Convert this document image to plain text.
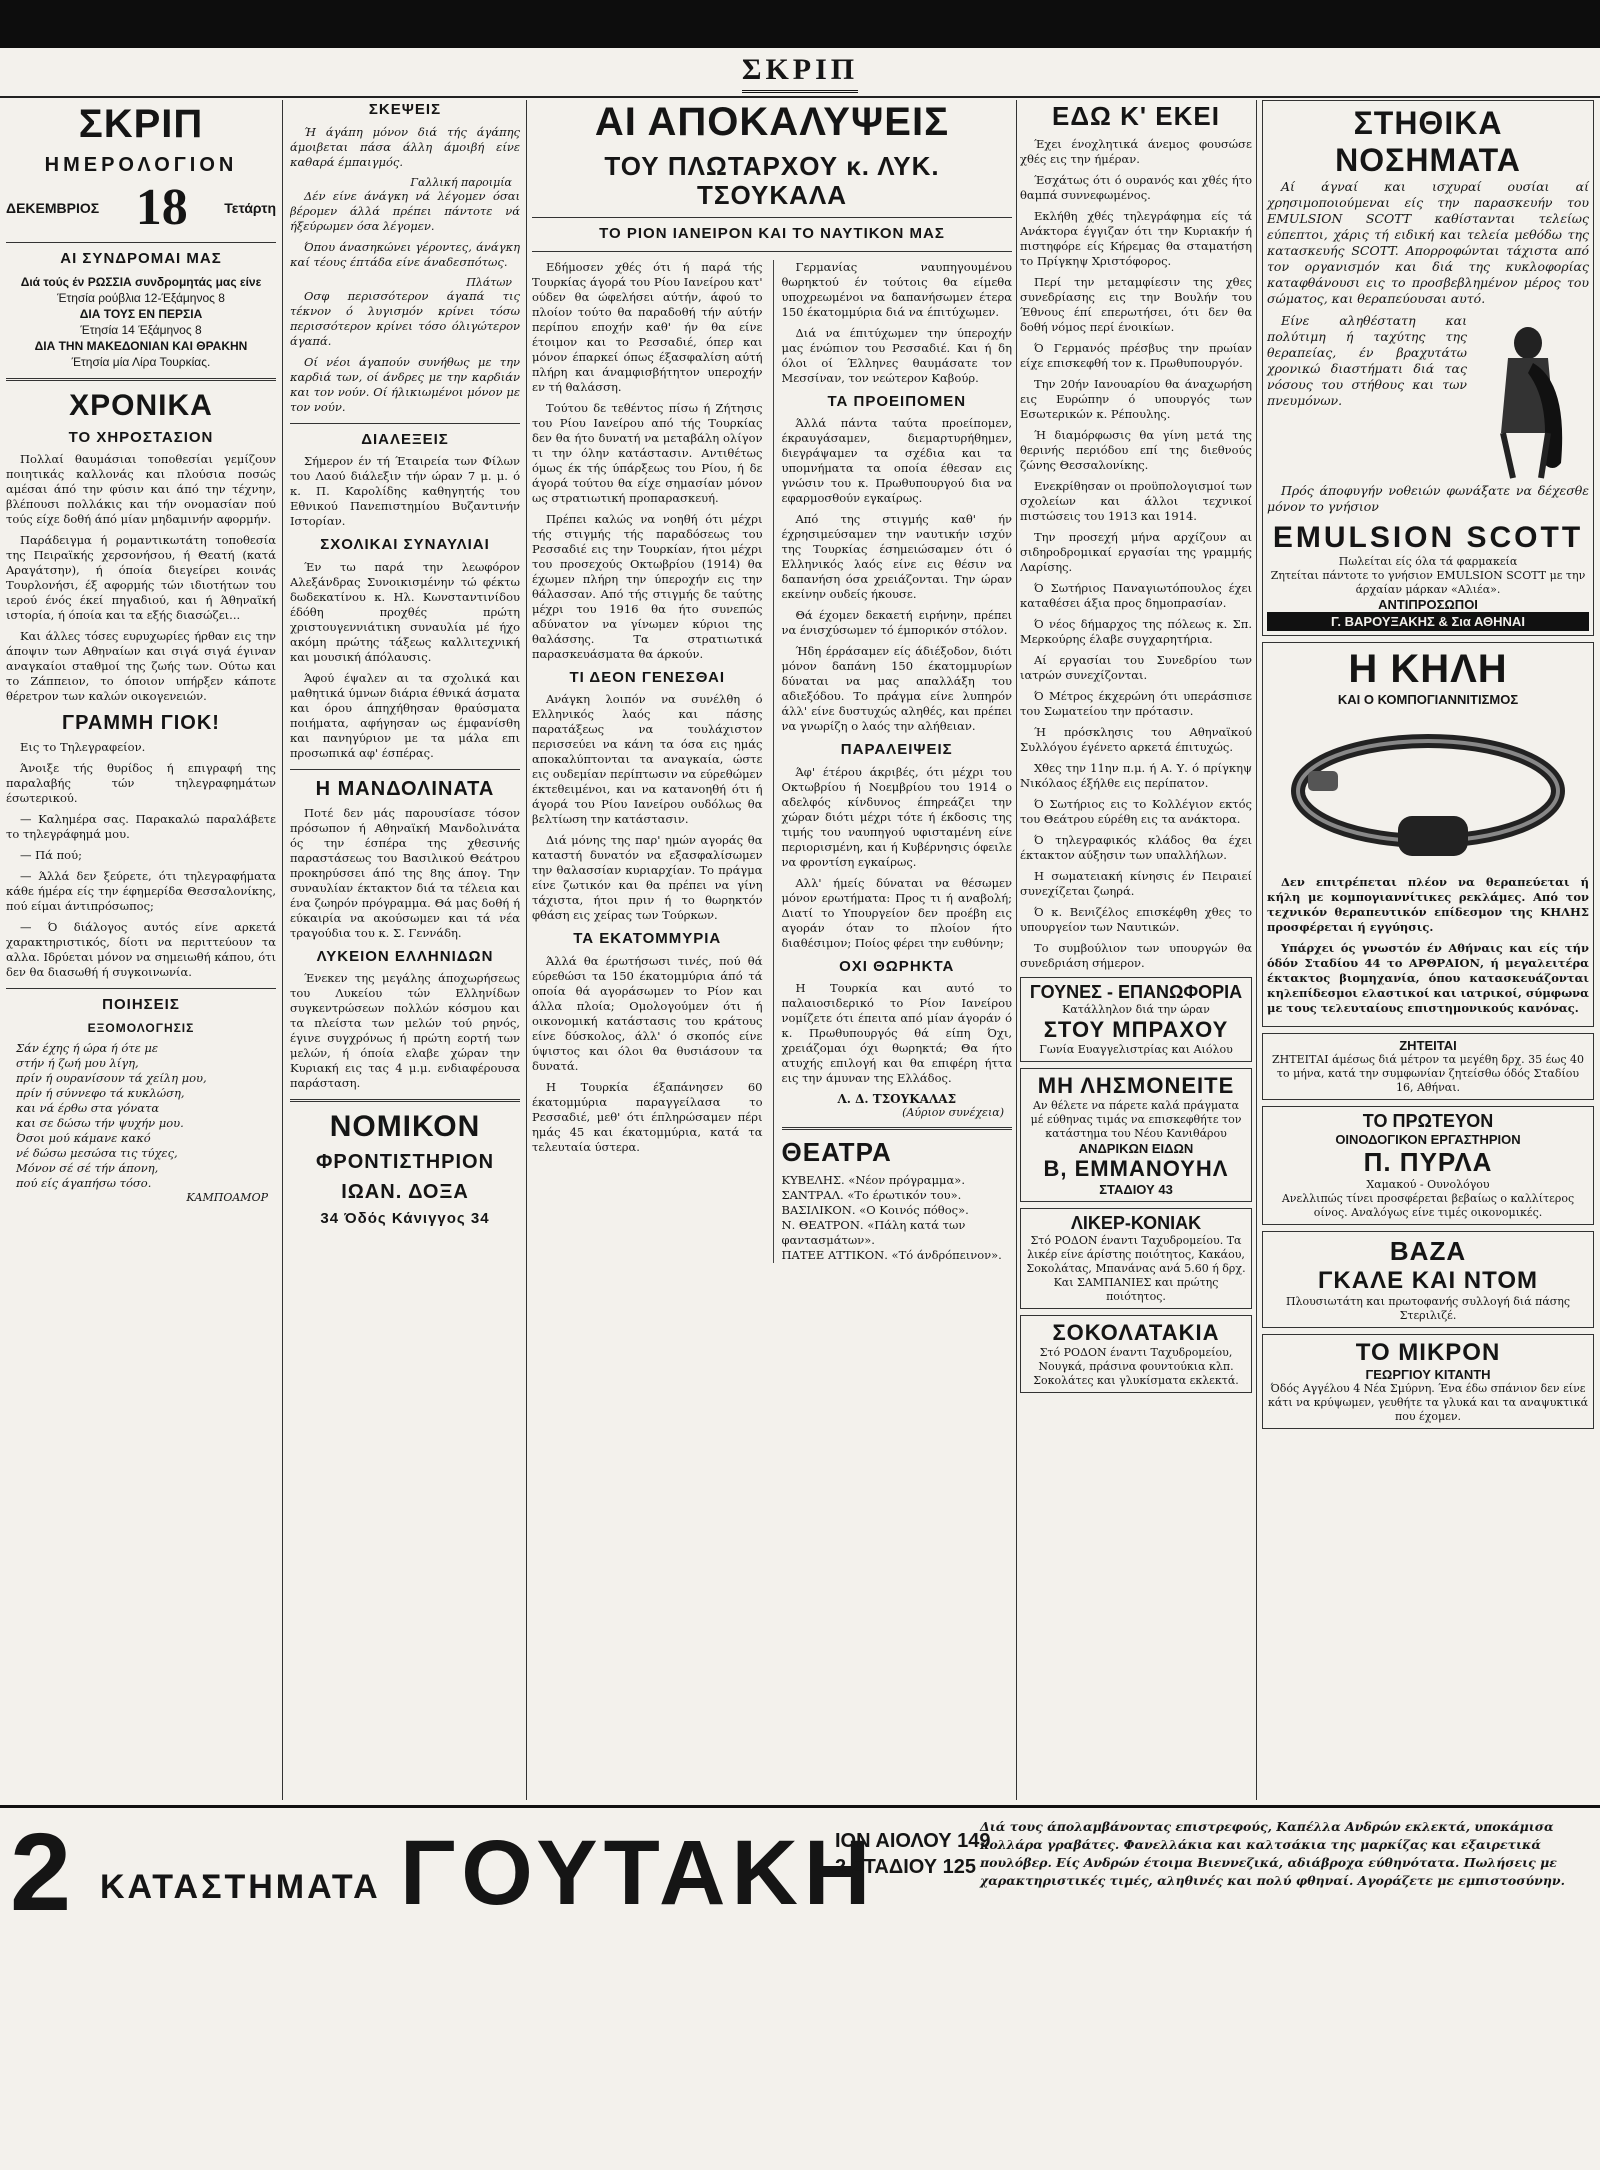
ΣΚΡΙΠ
ΣΚΡΙΠ
ΗΜΕΡΟΛΟΓΙΟΝ
ΔΕΚΕΜΒΡΙΟΣ 18	Τετάρτη
ΑΙ ΣΥΝΔΡΟΜΑΙ ΜΑΣ
Διά τούς έν ΡΩΣΣΙΑ συνδρομητάς μας είνε
Έτησία ρούβλια 12-Έξάμηνος 8
ΔΙΑ ΤΟΥΣ ΕΝ ΠΕΡΣΙΑ
Έτησία 14 Έξάμηνος 8
ΔΙΑ ΤΗΝ ΜΑΚΕΔΟΝΙΑΝ ΚΑΙ ΘΡΑΚΗΝ
Έτησία μία Λίρα Τουρκίας.
ΧΡΟΝΙΚΑ
ΤΟ ΧΗΡΟΣΤΑΣΙΟΝ

Πολλαί θαυμάσιαι τοποθεσίαι γεμίζουν ποιητικάς καλλονάς και πλούσια ποσώς αμέσαι άπό την φύσιν και άπό την τέχνην, βλέπουσι πολλάκις και τήν ονομασίαν πού τούς είχε δοθή άπό μίαν μηδαμινήν αφορμήν.

Παράδειγμα ή ρομαντικωτάτη τοποθεσία της Πειραϊκής χερσονήσου, ή Θεατή (κατά Αραγάτσην), ή όποία διεγείρει κοινάς Τουρλονήσι, έξ αφορμής τών ιδιοτήτων του ιερού ένός έκεί πηγαδιού, και ή Άθηναϊκή ιστορία, ή όποία και τα εξής διασώζει...

Και άλλες τόσες ευρυχωρίες ήρθαν εις την άποψιν των Αθηναίων και σιγά σιγά έγιναν αναγκαίοι σταθμοί της ζωής των. Ούτω και το Ζάππειον, το όποιον υπήρξεν κάποτε θέρετρον των καλών οικογενειών.

ΓΡΑΜΜΗ ΓΙΟΚ!

Εις το Τηλεγραφείον.

Άνοιξε τής θυρίδος ή επιγραφή της παραλαβής τών τηλεγραφημάτων έσωτερικού.

— Καλημέρα σας. Παρακαλώ παραλάβετε το τηλεγράφημά μου.

— Πά πού;

— Άλλά δεν ξεύρετε, ότι τηλεγραφήματα κάθε ήμέρα είς την έφημερίδα Θεσσαλονίκης, πού είμαι άντιπρόσωπος;

— Ό διάλογος αυτός είνε αρκετά χαρακτηριστικός, δίοτι να περιττεύουν τα αλλα. Ιδρύεται μόνον να σημειωθή κάπου, ότι δεν θα διασωθή ή συγκοινωνία.

ΠΟΙΗΣΕΙΣ
ΕΞΟΜΟΛΟΓΗΣΙΣ
Σάν έχης ή ώρα ή ότε με
στήν ή ζωή μου λίγη,
πρίν ή ουρανίσουν τά χείλη μου,
πρίν ή σύννεφο τά κυκλώση,
και νά έρθω στα γόνατα
και σε δώσω τήν ψυχήν μου.
Όσοι μού κάμανε κακό
νέ δώσω μεσώσα τις τύχες,
Μόνον σέ σέ τήν άπονη,
πού είς άγαπήσω τόσο.
ΚΑΜΠΟΑΜΟΡ
ΣΚΕΨΕΙΣ

Ή άγάπη μόνον διά τής άγάπης άμοιβεται πάσα άλλη άμοιβή είνε καθαρά έμπαιγμός.

Γαλλική παροιμία

Δέν είνε άνάγκη νά λέγομεν όσαι βέρομεν άλλά πρέπει πάντοτε νά ήξεύρωμεν όσα λέγομεν.

Όπου άνασηκώνει γέροντες, άνάγκη καί τέους έπτάδα είνε άναδεσπότως.

Πλάτων

Οσφ περισσότερον άγαπά τις τέκνον ό λυγισμόν κρίνει τόσω περισσότερον κρίνει τόσο όλιγώτερον άγαπά.

Οί νέοι άγαπούν συνήθως με την καρδιά των, οί άνδρες με την καρδιάν και τον νούν. Οί ήλικιωμένοι μόνον με τον νούν.

ΔΙΑΛΕΞΕΙΣ

Σήμερον έν τή Έταιρεία των Φίλων του Λαού διάλεξιν τήν ώραν 7 μ. μ. ό κ. Π. Καρολίδης καθηγητής του Εθνικού Πανεπιστημίου Βυζαντινήν Ιστορίαν.

ΣΧΟΛΙΚΑΙ ΣΥΝΑΥΛΙΑΙ

Έν τω παρά την λεωφόρον Αλεξάνδρας Συνοικισμένην τώ φέκτω δωδεκατίνου κ. Ηλ. Κωνσταντινίδου έδόθη προχθές πρώτη χριστουγεννιάτικη συναυλία μέ ήχο ακόμη πρώτης τάξεως καλλιτεχνική και μουσική άπόλαυσις.

Άφού έψαλεν αι τα σχολικά και μαθητικά ύμνων διάρια έθνικά άσματα και όρου άπηχήθησαν θραύσματα ποιήματα, αφήγησαν ως έμφανίσθη και πανηγύριον με τα μάλα επι προσωπικά αφ' έσπέρας.

Η ΜΑΝΔΟΛΙΝΑΤΑ

Ποτέ δεν μάς παρουσίασε τόσον πρόσωπον ή Αθηναϊκή Μανδολινάτα ός την έσπέρα της χθεσινής παραστάσεως του Βασιλικού Θεάτρου προκηρύσσει άπό της 8ης άπογ. Την συναυλίαν έκτακτον διά τα τέλεια και ένα ζωηρόν πρόγραμμα. Θά μας δοθή ή εύκαιρία να ακούσωμεν και τά νέα τραγούδια του κ. Σ. Γεννάδη.

ΛΥΚΕΙΟΝ ΕΛΛΗΝΙΔΩΝ

Ένεκεν της μεγάλης άποχωρήσεως του Λυκείου τών Ελληνίδων συγκεντρώσεων πολλών κόσμου και τα πλείστα των μελών τού ρηνός, έγινε συγχρόνως ή πρώτη εορτή των μελών, ή όποία ελαβε χώραν την Κυριακή εις τας 4 μ.μ. ενδιαφέρουσα παράσταση.

ΝΟΜΙΚΟΝ
ΦΡΟΝΤΙΣΤΗΡΙΟΝ
ΙΩΑΝ. ΔΟΞΑ
34 Όδός Κάνιγγος 34
ΑΙ ΑΠΟΚΑΛΥΨΕΙΣ
ΤΟΥ ΠΛΩΤΑΡΧΟΥ κ. ΛΥΚ. ΤΣΟΥΚΑΛΑ
ΤΟ ΡΙΟΝ ΙΑΝΕΙΡΟΝ ΚΑΙ ΤΟ ΝΑΥΤΙΚΟΝ ΜΑΣ

Εδήμοσεν χθές ότι ή παρά τής Τουρκίας άγορά του Ρίου Ιανείρου κατ' ούδεν θα ώφελήσει αύτήν, άφού το πλοίον τούτο θα παραδοθή τήν αύτήν περίπου εποχήν καθ' ήν θα είνε έτοιμον και το Ρεσσαδιέ, όπερ και μόνον έπαρκεί όπως έξασφαλίση αύτή πλήρη και άναμφισβήτητον υπεροχήν εν τή θαλάσση.

Τούτου δε τεθέντος πίσω ή Ζήτησις του Ρίου Ιανείρου από τής Τουρκίας δεν θα ήτο δυνατή να μεταβάλη ολίγον τι την όλην κατάστασιν. Αντιθέτως όμως έκ τής ύπάρξεως του Ρίου, ή δε άγορά τούτου θα είχε σημασίαν μόνον ως στρατιωτική προπαρασκευή.

Πρέπει καλώς να νοηθή ότι μέχρι τής στιγμής τής παραδόσεως του Ρεσσαδιέ εις την Τουρκίαν, ήτοι μέχρι του προσεχούς Οκτωβρίου (1914) θα έχωμεν πλήρη την ύπεροχήν εις την θάλασσαν. Από τής στιγμής δε ταύτης μέχρι του 1916 θα ήτο συνεπώς αδύνατον να γίνωμεν κύριοι της θαλάσσης. Τα στρατιωτικά παρασκευάσματα θα άρκούν.

ΤΙ ΔΕΟΝ ΓΕΝΕΣΘΑΙ

Ανάγκη λοιπόν να συνέλθη ό Ελληνικός λαός και πάσης παρατάξεως να τουλάχιστον περισσεύει να κάνη τα όσα εις ημάς αποκαλύπτονται τα αναγκαία, ώστε εις ουδεμίαν περίπτωσιν να εύρεθώμεν έκτεθειμένοι, και να κατανοηθή ότι ή άγορά του Ρίου Ιανείρου ουδόλως θα βελτίωση την κατάστασιν.

Διά μόνης της παρ' ημών αγοράς θα καταστή δυνατόν να εξασφαλίσωμεν την θαλασσίαν κυριαρχίαν. Το πράγμα είνε ζωτικόν και θα πρέπει να γίνη τάχιστα, ήτοι πριν ή το θωρηκτόν φθάση εις χείρας των Τούρκων.

ΤΑ ΕΚΑΤΟΜΜΥΡΙΑ

Άλλά θα έρωτήσωσι τινές, πού θά εύρεθώσι τα 150 έκατομμύρια άπό τά οποία θά αγοράσωμεν το Ρίον και άλλα πλοία; Ομολογούμεν ότι ή οικονομική κατάστασις του κράτους είνε δύσκολος, άλλ' ό σκοπός είνε ύψιστος και όλοι θα θυσιάσουν τα δυνατά.

Η Τουρκία έξαπάνησεν 60 έκατομμύρια παραγγείλασα το Ρεσσαδιέ, μεθ' ότι έπληρώσαμεν πέρι ημάς 45 και έκατομμύρια, κατά τα τελευταία ύστερα.

Γερμανίας ναυπηγουμένου θωρηκτού έν τούτοις θα είμεθα υποχρεωμένοι να δαπανήσωμεν έτερα 150 έκατομμύρια διά να έπιτύχωμεν.

Διά να έπιτύχωμεν την ύπεροχήν μας ένώπιον του Ρεσσαδιέ. Και ή δη όλοι οί Έλληνες θαυμάσατε τον Μεσσίναν, τον νεώτερον Καβούρ.

ΤΑ ΠΡΟΕΙΠΟΜΕΝ

Άλλά πάντα ταύτα προείπομεν, έκραυγάσαμεν, διεμαρτυρήθημεν, διεγράψαμεν τα σχέδια και τα υπομνήματα τα οποία έθεσαν εις γνώσιν του κ. Πρωθυπουργού δια να εφαρμοσθούν εγκαίρως.

Από της στιγμής καθ' ήν έχρησιμεύσαμεν την ναυτικήν ισχύν της Τουρκίας έσημειώσαμεν ότι ό Ελληνικός λαός είνε εις θέσιν να δαπανήση όσα χρειάζονται. Την ώραν εκείνην ουδείς ήκουσε.

Θά έχομεν δεκαετή ειρήνην, πρέπει να ένισχύσωμεν τό έμπορικόν στόλον.

Ήδη έρράσαμεν είς άδιέξοδον, διότι μόνον δαπάνη 150 έκατομμυρίων δύναται να μας απαλλάξη του αδιεξόδου. Το πράγμα είνε λυπηρόν άλλ' είνε δυστυχώς αληθές, και πρέπει να γνωρίζη ο λαός την αλήθειαν.

ΠΑΡΑΛΕΙΨΕΙΣ

Άφ' έτέρου άκριβές, ότι μέχρι του Οκτωβρίου ή Νοεμβρίου του 1914 ο αδελφός κίνδυνος έπηρεάζει την χώραν διότι μέχρι τότε ή έκδοσις της τιμής του ναυπηγού υφισταμένη είνε περιορισμένη, και ή Κυβέρνησις όφειλε να φροντίση εγκαίρως.

Αλλ' ήμείς δύναται να θέσωμεν μόνον ερωτήματα: Προς τι ή αναβολή; Διατί το Υπουργείον δεν προέβη εις αγοράν όταν το πλοίον ήτο διαθέσιμον; Ποίος φέρει την ευθύνην;

ΟΧΙ ΘΩΡΗΚΤΑ

Η Τουρκία και αυτό το παλαιοσιδερικό το Ρίον Ιανείρου νομίζετε ότι έπειτα από μίαν άγοράν ό κ. Πρωθυπουργός θά είπη Όχι, χρειάζομαι όχι θωρηκτά; Θα ήτο ατυχής επιλογή και θα επιφέρη ήττα εις την άμυναν της Ελλάδος.

Λ. Δ. ΤΣΟΥΚΑΛΑΣ
(Αύριον συνέχεια)
ΘΕΑΤΡΑ
ΚΥΒΕΛΗΣ. «Νέον πρόγραμμα».
ΣΑΝΤΡΑΛ. «Το έρωτικόν του».
ΒΑΣΙΛΙΚΟΝ. «Ο Κοινός πόθος».
Ν. ΘΕΑΤΡΟΝ. «Πάλη κατά των φαντασμάτων».
ΠΑΤΕΕ ΑΤΤΙΚΟΝ. «Τό άνδρόπεινον».
ΕΔΩ Κ' ΕΚΕΙ

Έχει ένοχλητικά άνεμος φουσώσε χθές εις την ήμέραν.

Έσχάτως ότι ό ουρανός και χθές ήτο θαμπά συννεφωμένος.

Εκλήθη χθές τηλεγράφημα είς τά Ανάκτορα έγγιζαν ότι την Κυριακήν ή πιστηφόρε είς Κήρεμας θα σταματήση το Πρίγκηψ Χριστόφορος.

Περί την μεταμφίεσιν της χθες συνεδρίασης εις την Βουλήν του Έθνους έπί επερωτήσει, ότι δεν θα δοθή νόμος περί ένοικίων.

Ό Γερμανός πρέσβυς την πρωίαν είχε επισκεφθή τον κ. Πρωθυπουργόν.

Την 20ήν Ιανουαρίου θα άναχωρήση εις Ευρώπην ό υπουργός των Εσωτερικών κ. Ρέπουλης.

Ή διαμόρφωσις θα γίνη μετά της θερινής περιόδου επί της διεθνούς ζώνης Θεσσαλονίκης.

Ενεκρίθησαν οι προϋπολογισμοί των σχολείων και άλλοι τεχνικοί πιστώσεις του 1913 και 1914.

Την προσεχή μήνα αρχίζουν αι σιδηροδρομικαί εργασίαι της γραμμής Λαρίσης.

Ό Σωτήριος Παναγιωτόπουλος έχει καταθέσει άξια προς δημοπρασίαν.

Ό νέος δήμαρχος της πόλεως κ. Σπ. Μερκούρης έλαβε συγχαρητήρια.

Αί εργασίαι του Συνεδρίου των ιατρών συνεχίζονται.

Ό Μέτρος έκχερώνη ότι υπεράσπισε του Σωματείου την πρότασιν.

Ή πρόσκλησις του Αθηναϊκού Συλλόγου έγένετο αρκετά έπιτυχώς.

Χθες την 11ην π.μ. ή Α. Υ. ό πρίγκηψ Νικόλαος έξήλθε εις περίπατον.

Ό Σωτήριος εις το Κολλέγιον εκτός του Θεάτρου εύρέθη εις τα ανάκτορα.

Ό τηλεγραφικός κλάδος θα έχει έκτακτον αύξησιν των υπαλλήλων.

Η σωματειακή κίνησις έν Πειραιεί συνεχίζεται ζωηρά.

Ό κ. Βενιζέλος επισκέφθη χθες το υπουργείον των Ναυτικών.

Το συμβούλιον των υπουργών θα συνεδριάση σήμερον.

ΓΟΥΝΕΣ - ΕΠΑΝΩΦΟΡΙΑ
Κατάλληλον διά την ώραν
ΣΤΟΥ ΜΠΡΑΧΟΥ
Γωνία Ευαγγελιστρίας και Αιόλου
ΜΗ ΛΗΣΜΟΝΕΙΤΕ
Αν θέλετε να πάρετε καλά πράγματα μέ εύθηνας τιμάς να επισκεφθήτε τον κατάστημα του Νέου Κανιθάρου
ΑΝΔΡΙΚΩΝ ΕΙΔΩΝ
Β, ΕΜΜΑΝΟΥΗΛ
ΣΤΑΔΙΟΥ 43
ΛΙΚΕΡ-ΚΟΝΙΑΚ
Στό ΡΟΔΟΝ έναντι Ταχυδρομείου. Τα λικέρ είνε άρίστης ποιότητος, Κακάου, Σοκολάτας, Μπανάνας ανά 5.60 ή δρχ. Και ΣΑΜΠΑΝΙΕΣ και πρώτης ποιότητος.
ΣΟΚΟΛΑΤΑΚΙΑ
Στό ΡΟΔΟΝ έναντι Ταχυδρομείου, Νουγκά, πράσινα φουντούκια κλπ. Σοκολάτες και γλυκίσματα εκλεκτά.
ΣΤΗΘΙΚΑ
ΝΟΣΗΜΑΤΑ

Αί άγναί και ισχυραί ουσίαι αί χρησιμοποιούμεναι είς την παρασκευήν του EMULSION SCOTT καθίστανται τελείως εύπεπτοι, χάρις τή ειδική και τελεία μεθόδω της κατασκευής SCOTT. Απορροφώνται τάχιστα από τον οργανισμόν και διά της κυκλοφορίας καταφθάνουσι εις το προσβεβλημένον μέρος του σώματος, και θεραπεύουσαι αυτό.

Είνε αληθέστατη και πολύτιμη ή ταχύτης της θεραπείας, έν βραχυτάτω χρονικώ διαστήματι διά τας νόσους του στήθους και των πνευμόνων.

Πρός άποφυγήν νοθειών φωνάξατε να δέχεσθε μόνον το γνήσιον

EMULSION SCOTT
Πωλείται είς όλα τά φαρμακεία
Ζητείται πάντοτε το γνήσιον EMULSION SCOTT με την άρχαίαν μάρκαν «Αλιέα».
ΑΝΤΙΠΡΟΣΩΠΟΙ
Γ. ΒΑΡΟΥΞΑΚΗΣ & Σια ΑΘΗΝΑΙ
Η ΚΗΛΗ
ΚΑΙ Ο ΚΟΜΠΟΓΙΑΝΝΙΤΙΣΜΟΣ

Δεν επιτρέπεται πλέον να θεραπεύεται ή κήλη με κομπογιαννίτικες ρεκλάμες. Από τον τεχνικόν θεραπευτικόν επίδεσμον της ΚΗΛΗΣ προσφέρεται ή εγγύησις.

Υπάρχει ός γνωστόν έν Αθήναις και είς τήν όδόν Σταδίου 44 το ΑΡΘΡΑΙΟΝ, ή μεγαλειτέρα έκτακτος βιομηχανία, όπου κατασκευάζονται κηλεπίδεσμοι ελαστικοί και ιατρικοί, σύμφωνα με τους τελευταίους επιστημονικούς κανόνας.

ΖΗΤΕΙΤΑΙ
ΖΗΤΕΙΤΑΙ άμέσως διά μέτρον τα μεγέθη δρχ. 35 έως 40 το μήνα, κατά την συμφωνίαν ζητείσθω όδός Σταδίου 16, Αθήναι.
ΤΟ ΠΡΩΤΕΥΟΝ
ΟΙΝΟΔΟΓΙΚΟΝ ΕΡΓΑΣΤΗΡΙΟΝ
Π. ΠΥΡΛΑ
Χαμακού - Ουνολόγου
Ανελλιπώς τίνει προσφέρεται βεβαίως ο καλλίτερος οίνος. Αναλόγως είνε τιμές οικονομικές.
ΒΑΖΑ
ΓΚΑΛΕ ΚΑΙ ΝΤΟΜ
Πλουσιωτάτη και πρωτοφανής συλλογή διά πάσης Στεριλιζέ.
ΤΟ ΜΙΚΡΟΝ
ΓΕΩΡΓΙΟΥ ΚΙΤΑΝΤΗ
Όδός Αγγέλου 4 Νέα Σμύρνη. Ένα έδω σπάνιον δεν είνε κάτι να κρύψωμεν, γευθήτε τα γλυκά και τα αναψυκτικά που έχομεν.
2 ΚΑΤΑΣΤΗΜΑΤΑ ΓΟΥΤΑΚΗ
ΙΟΝ ΑΙΟΛΟΥ 149
2 ΣΤΑΔΙΟΥ 125
Διά τους άπολαμβάνοντας επιστρεφούς, Καπέλλα Ανδρών εκλεκτά, υποκάμισα κολλάρα γραβάτες. Φανελλάκια και καλτσάκια της μαρκίζας και εξαιρετικά πουλόβερ. Είς Ανδρών έτοιμα Βιεννεζικά, αδιάβροχα εύθηνότατα. Πωλήσεις με χαρακτηριστικές τιμές, αληθινές και πολύ φθηναί. Αγοράζετε με εμπιστοσύνην.
